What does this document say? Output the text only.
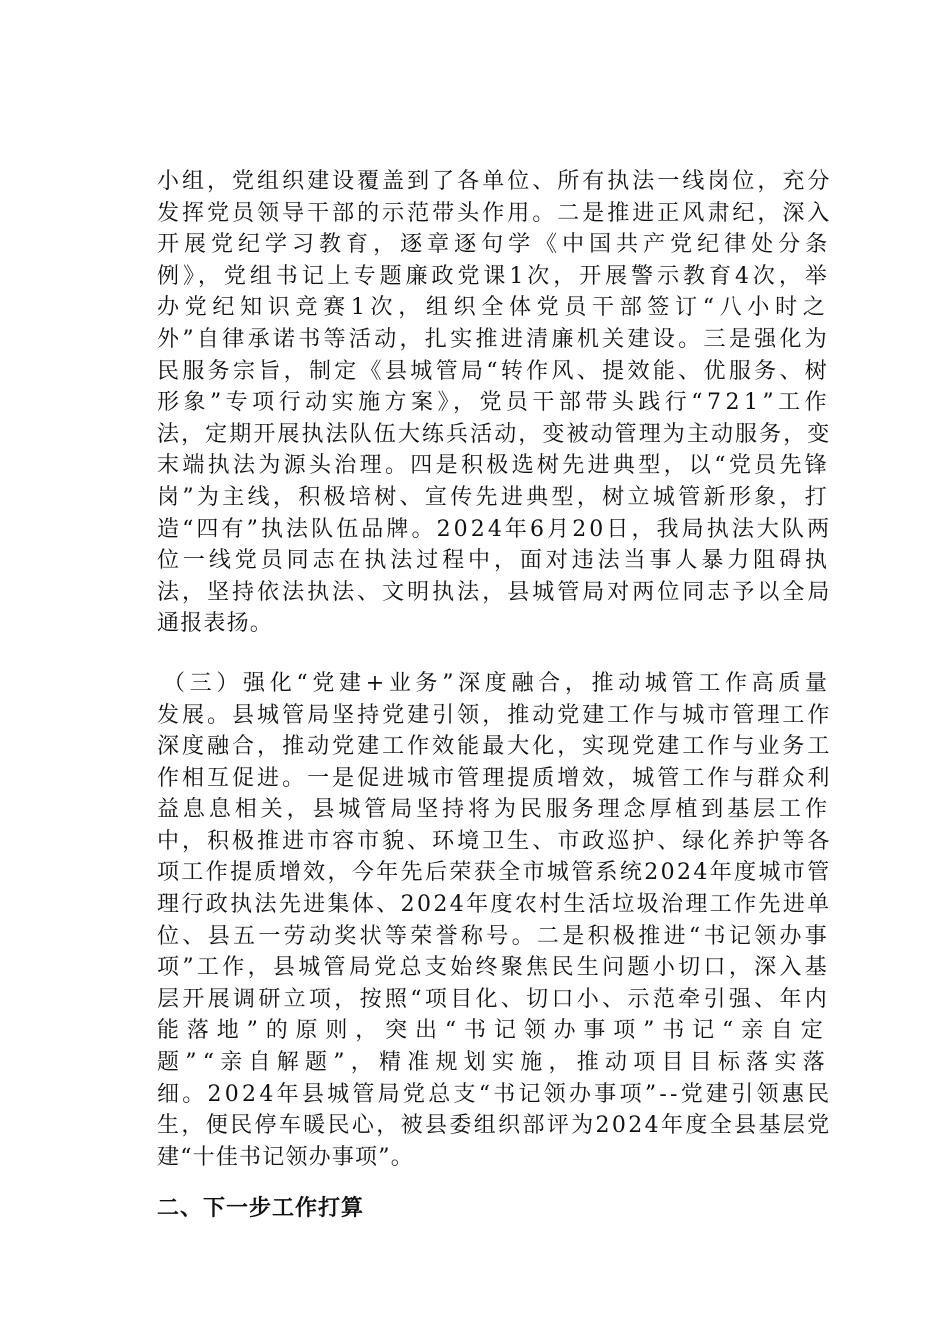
小组，党组织建设覆盖到了各单位、所有执法一线岗位，充分
发挥党员领导干部的示范带头作用。二是推进正风肃纪，深入
开展党纪学习教育，逐章逐句学《中国共产党纪律处分条
例》，党组书记上专题廉政党课1次，开展警示教育4次，举
办党纪知识竞赛1次，组织全体党员干部签订“八小时之
外”自律承诺书等活动，扎实推进清廉机关建设。三是强化为
民服务宗旨，制定《县城管局“转作风、提效能、优服务、树
形象”专项行动实施方案》，党员干部带头践行“721”工作
法，定期开展执法队伍大练兵活动，变被动管理为主动服务，变
末端执法为源头治理。四是积极选树先进典型，以“党员先锋
岗”为主线，积极培树、宣传先进典型，树立城管新形象，打
造“四有”执法队伍品牌。2024年6月20日，我局执法大队两
位一线党员同志在执法过程中，面对违法当事人暴力阻碍执
法，坚持依法执法、文明执法，县城管局对两位同志予以全局
通报表扬。
（三）强化“党建+业务”深度融合，推动城管工作高质量
发展。县城管局坚持党建引领，推动党建工作与城市管理工作
深度融合，推动党建工作效能最大化，实现党建工作与业务工
作相互促进。一是促进城市管理提质增效，城管工作与群众利
益息息相关，县城管局坚持将为民服务理念厚植到基层工作
中，积极推进市容市貌、环境卫生、市政巡护、绿化养护等各
项工作提质增效，今年先后荣获全市城管系统2024年度城市管
理行政执法先进集体、2024年度农村生活垃圾治理工作先进单
位、县五一劳动奖状等荣誉称号。二是积极推进“书记领办事
项”工作，县城管局党总支始终聚焦民生问题小切口，深入基
层开展调研立项，按照“项目化、切口小、示范牵引强、年内
能落地”的原则，突出“书记领办事项”书记“亲自定
题”“亲自解题”，精准规划实施，推动项目目标落实落
细。2024年县城管局党总支“书记领办事项”--党建引领惠民
生，便民停车暖民心，被县委组织部评为2024年度全县基层党
建“十佳书记领办事项”。
二、下一步工作打算
